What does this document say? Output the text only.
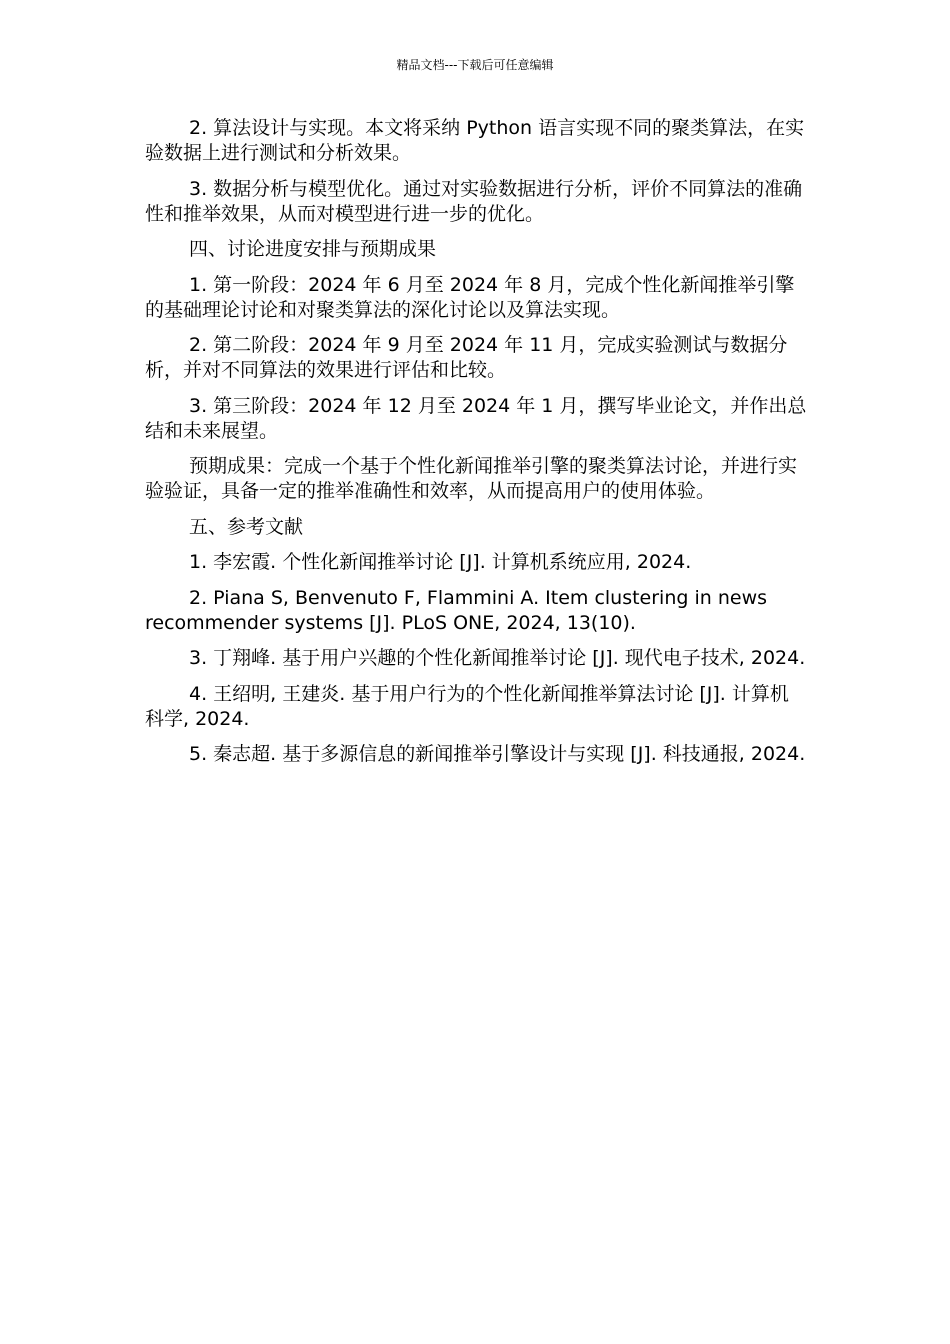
精品文档---下载后可任意编辑

2. 算法设计与实现。本文将采纳 Python 语言实现不同的聚类算法，在实验数据上进行测试和分析效果。

3. 数据分析与模型优化。通过对实验数据进行分析，评价不同算法的准确性和推举效果，从而对模型进行进一步的优化。

四、讨论进度安排与预期成果

1. 第一阶段：2024 年 6 月至 2024 年 8 月，完成个性化新闻推举引擎的基础理论讨论和对聚类算法的深化讨论以及算法实现。

2. 第二阶段：2024 年 9 月至 2024 年 11 月，完成实验测试与数据分析，并对不同算法的效果进行评估和比较。

3. 第三阶段：2024 年 12 月至 2024 年 1 月，撰写毕业论文，并作出总结和未来展望。

预期成果：完成一个基于个性化新闻推举引擎的聚类算法讨论，并进行实验验证，具备一定的推举准确性和效率，从而提高用户的使用体验。

五、参考文献

1. 李宏霞. 个性化新闻推举讨论 [J]. 计算机系统应用, 2024.

2. Piana S, Benvenuto F, Flammini A. Item clustering in news recommender systems [J]. PLoS ONE, 2024, 13(10).

3. 丁翔峰. 基于用户兴趣的个性化新闻推举讨论 [J]. 现代电子技术, 2024.

4. 王绍明, 王建炎. 基于用户行为的个性化新闻推举算法讨论 [J]. 计算机科学, 2024.

5. 秦志超. 基于多源信息的新闻推举引擎设计与实现 [J]. 科技通报, 2024.
